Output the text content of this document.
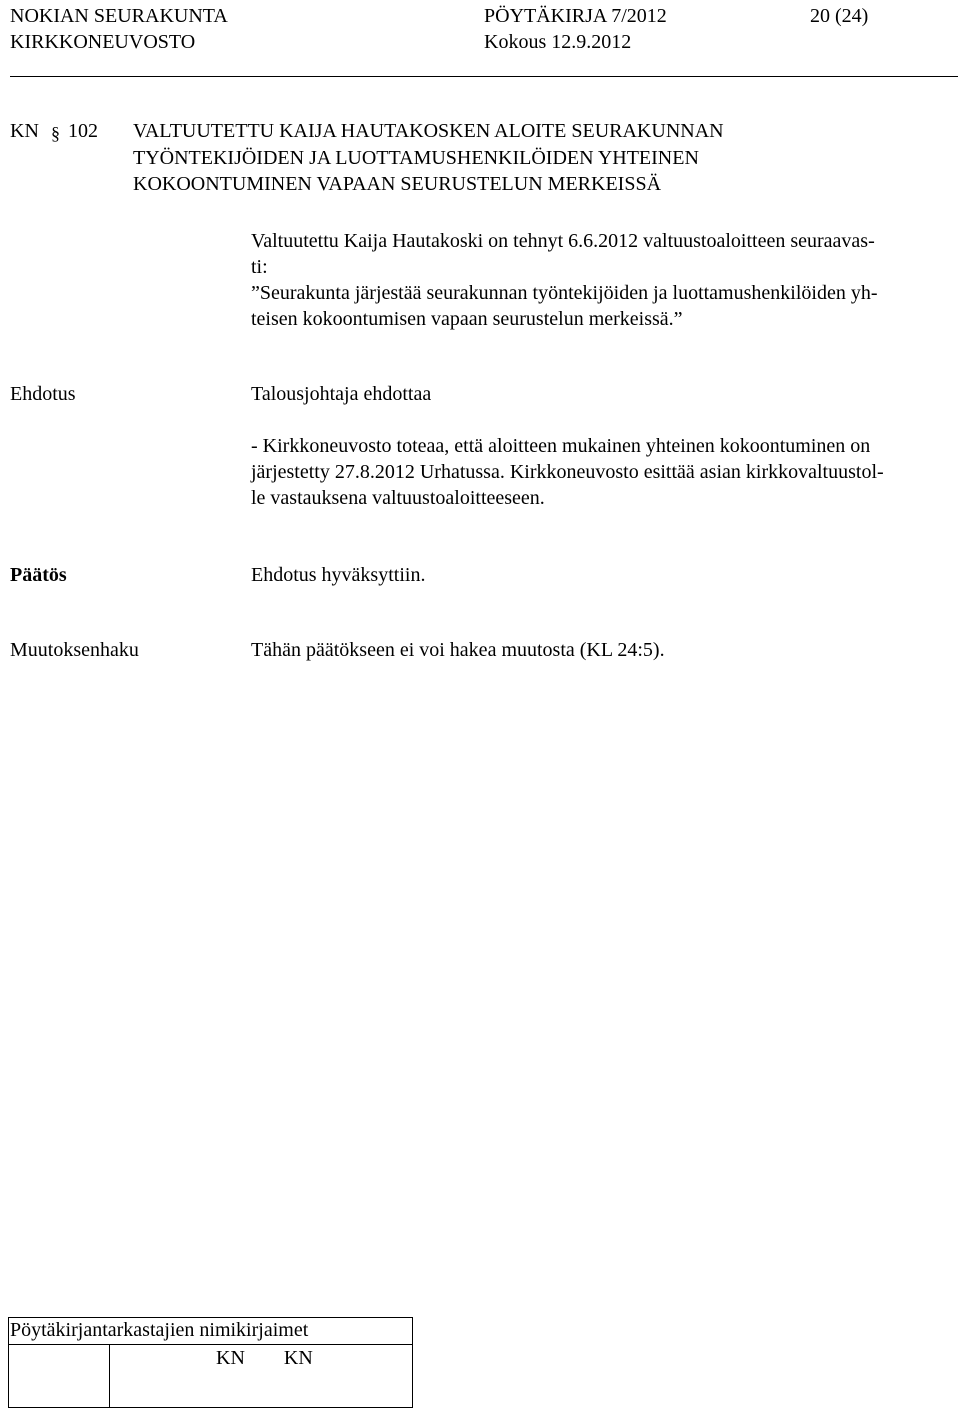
NOKIAN SEURAKUNTA	PÖYTÄKIRJA 7/2012	20 (24)
KIRKKONEUVOSTO	Kokous 12.9.2012
KN § 102 VALTUUTETTU KAIJA HAUTAKOSKEN ALOITE SEURAKUNNAN
TYÖNTEKIJÖIDEN JA LUOTTAMUSHENKILÖIDEN YHTEINEN
KOKOONTUMINEN VAPAAN SEURUSTELUN MERKEISSÄ
Valtuutettu Kaija Hautakoski on tehnyt 6.6.2012 valtuustoaloitteen seuraavas-
ti:
”Seurakunta järjestää seurakunnan työntekijöiden ja luottamushenkilöiden yh-
teisen kokoontumisen vapaan seurustelun merkeissä.”
Ehdotus	Talousjohtaja ehdottaa
- Kirkkoneuvosto toteaa, että aloitteen mukainen yhteinen kokoontuminen on
järjestetty 27.8.2012 Urhatussa. Kirkkoneuvosto esittää asian kirkkovaltuustol-
le vastauksena valtuustoaloitteeseen.
Päätös	Ehdotus hyväksyttiin.
Muutoksenhaku	Tähän päätökseen ei voi hakea muutosta (KL 24:5).
Pöytäkirjantarkastajien nimikirjaimet
	KN KN
